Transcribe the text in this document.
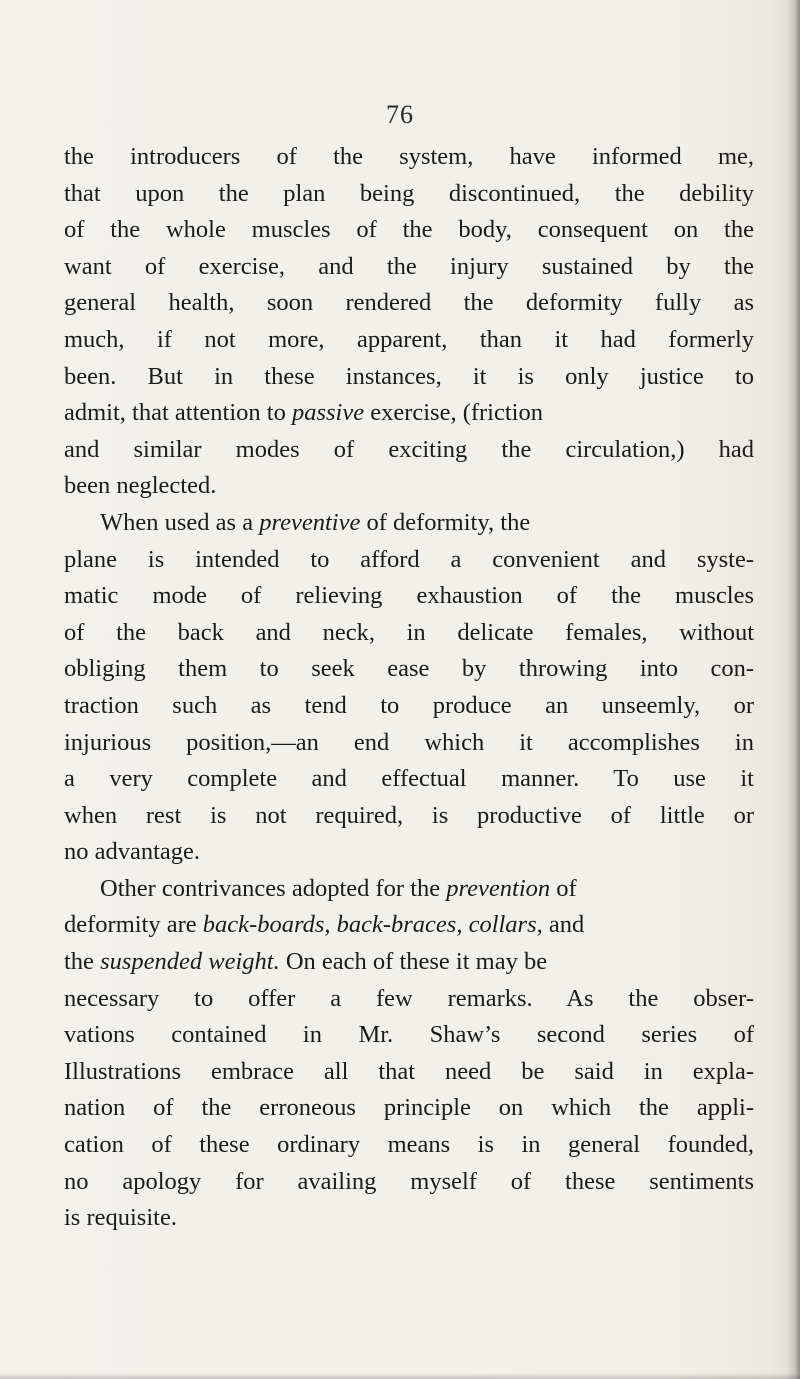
76
the introducers of the system, have informed me,
that upon the plan being discontinued, the debility
of the whole muscles of the body, consequent on the
want of exercise, and the injury sustained by the
general health, soon rendered the deformity fully as
much, if not more, apparent, than it had formerly
been. But in these instances, it is only justice to
admit, that attention to passive exercise, (friction
and similar modes of exciting the circulation,) had
been neglected.
When used as a preventive of deformity, the
plane is intended to afford a convenient and syste-
matic mode of relieving exhaustion of the muscles
of the back and neck, in delicate females, without
obliging them to seek ease by throwing into con-
traction such as tend to produce an unseemly, or
injurious position,—an end which it accomplishes in
a very complete and effectual manner. To use it
when rest is not required, is productive of little or
no advantage.
Other contrivances adopted for the prevention of
deformity are back-boards, back-braces, collars, and
the suspended weight. On each of these it may be
necessary to offer a few remarks. As the obser-
vations contained in Mr. Shaw’s second series of
Illustrations embrace all that need be said in expla-
nation of the erroneous principle on which the appli-
cation of these ordinary means is in general founded,
no apology for availing myself of these sentiments
is requisite.
